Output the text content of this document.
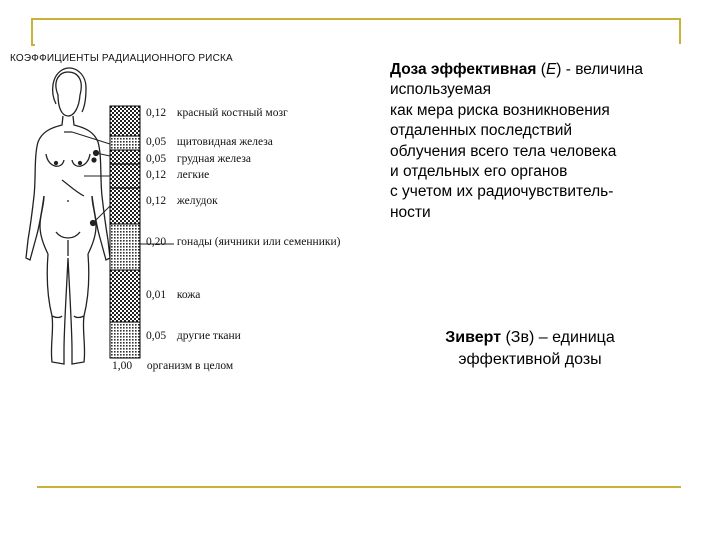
КОЭФФИЦИЕНТЫ РАДИАЦИОННОГО РИСКА
0,12 красный костный мозг
0,05 щитовидная железа
0,05 грудная железа
0,12 легкие
0,12 желудок
0,20 гонады (яичники или семенники)
0,01 кожа
0,05 другие ткани
1,00 организм в целом
Доза эффективная (E) - величина
используемая
как мера риска возникновения
отдаленных последствий
облучения всего тела человека
и отдельных его органов
с учетом их радиочувствитель-
ности
Зиверт (Зв) – единица
эффективной дозы
